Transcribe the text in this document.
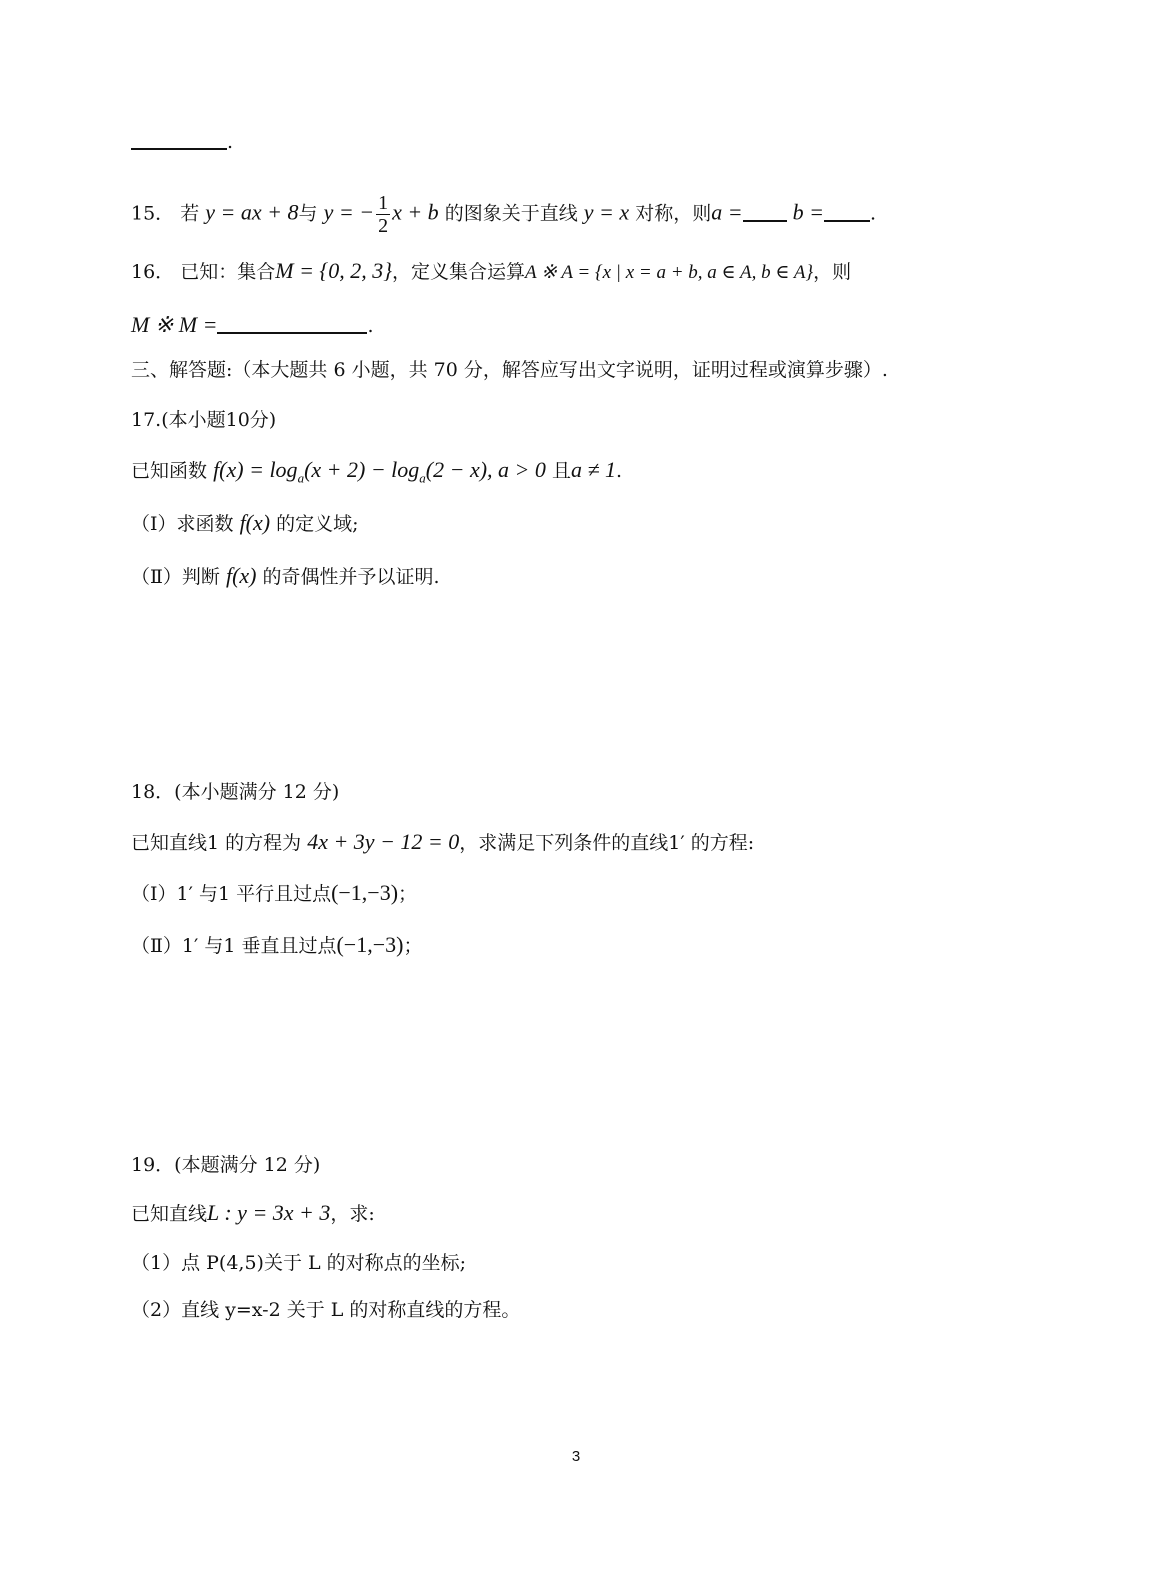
.
15． 若 y = ax + 8与 y = − $\frac{1}{2}$ x + b 的图象关于直线 y = x 对称，则a = b = .
16． 已知：集合M = {0, 2, 3}，定义集合运算A ※ A = {x | x = a + b, a ∈ A, b ∈ A}，则
M ※ M =	.
三、解答题:（本大题共 6 小题，共 70 分，解答应写出文字说明，证明过程或演算步骤）.
17.(本小题10分)
已知函数 $f(x) = \log_a(x + 2) - \log_a(2 - x)$, a > 0 且a ≠ 1.
（Ⅰ）求函数 f(x) 的定义域;
（Ⅱ）判断 f(x) 的奇偶性并予以证明.
18．(本小题满分 12 分)
已知直线1 的方程为 4x + 3y − 12 = 0，求满足下列条件的直线1′ 的方程:
（Ⅰ）1′ 与1 平行且过点(−1,−3)；
（Ⅱ）1′ 与1 垂直且过点(−1,−3)；
19．(本题满分 12 分)
已知直线L : y = 3x + 3，求:
（1）点 P(4,5)关于 L 的对称点的坐标;
（2）直线 y=x-2 关于 L 的对称直线的方程。
3
